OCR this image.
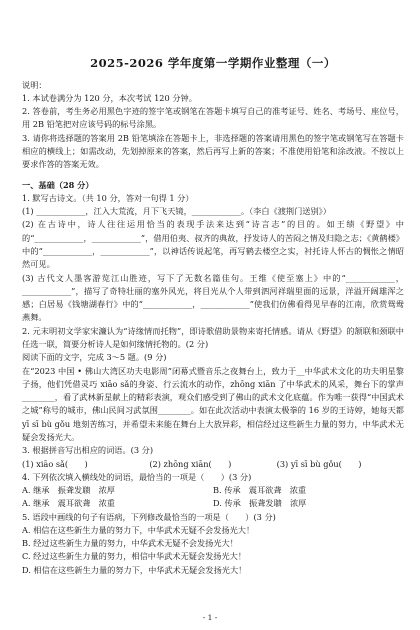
2025-2026 学年度第一学期作业整理（一）

说明：

1. 本试卷满分为 120 分，本次考试 120 分钟。

2. 答卷前，考生务必用黑色字迹的签字笔或钢笔在答题卡填写自己的准考证号、姓名、考场号、座位号，用 2B 铅笔把对应该号码的标号涂黑。

3. 请你将选择题的答案用 2B 铅笔填涂在答题卡上，非选择题的答案请用黑色的签字笔或钢笔写在答题卡相应的横线上；如需改动，先划掉原来的答案，然后再写上新的答案；不准使用铅笔和涂改液。不按以上要求作答的答案无效。

一、基础（28 分）

1. 默写古诗文。（共 10 分，答对一句得 1 分）

(1) ____________，江入大荒流，月下飞天镜，____________。（李白《渡荆门送别》）

(2) 在古诗中，诗人往往运用恰当的表现手法来达到“诗言志”的目的。如王绩《野望》中的“____________，____________”，借用伯夷、叔齐的典故，抒发诗人的苦闷之情及归隐之志；《黄鹤楼》中的“____________，____________”，以神话传说起笔，再写鹤去楼空之实，衬托诗人怀古的惆怅之情昭然可见。

(3) 古代文人墨客游览江山胜迹，写下了无数名篇佳句。王维《使至塞上》中的“____________，____________”，描写了奇特壮丽的塞外风光，将目光从个人带到泗河祥瑞里面的远景，洋溢开阔雄浑之感；白居易《钱塘湖春行》中的“____________，____________”使我们仿佛看得见早春的江南，欣赏鸳鸯燕舞。

2. 元末明初文学家宋濂认为“诗缘情而托物”，即诗歌借助景物来寄托情感。请从《野望》的颔联和颈联中任选一联，简要分析诗人是如何缘情托物的。(2 分)

阅读下面的文字，完成 3～5 题。(9 分)

在“2023 中国 • 佛山大湾区功夫电影周”闭幕式暨音乐之夜舞台上，致力于__中华武术文化的功夫明星黎子扬，他们凭借灵巧 xiāo sǎ的身姿、行云流水的动作，zhōng xiān 了中华武术的风采，舞台下的掌声________，看了武林新星献上的精彩表演，观众们感受到了佛山的武术文化底蕴。作为唯一获得“中国武术之城”称号的城市，佛山民间习武氛围________。如在此次活动中表演太极拳的 16 岁的王诗婷，她每天都 yī sī bù gǒu 地刻苦练习，并希望未来能在舞台上大放异彩，相信经过这些新生力量的努力，中华武术无疑会发扬光大。

3. 根据拼音写出相应的词语。(3 分)

(1) xiāo sǎ(　　)	(2) zhōng xiān(　　)	(3) yī sī bù gǒu(　　)

4. 下列依次填入横线处的词语，最恰当的一项是（　　）(3 分)

A. 继承　振聋发聩　浓厚	B. 传承　震耳欲聋　浓重
A. 继承　震耳欲聋　浓重	D. 传承　振聋发聩　浓厚

5. 语段中画线的句子有语病，下列修改最恰当的一项是（　　）(3 分)

A. 相信在这些新生力量的努力下，中华武术无疑不会发扬光大！

B. 经过这些新生力量的努力，中华武术无疑不会发扬光大！

C. 经过这些新生力量的努力，相信中华武术无疑会发扬光大！

D. 相信在这些新生力量的努力下，中华武术无疑会发扬光大！

- 1 -
